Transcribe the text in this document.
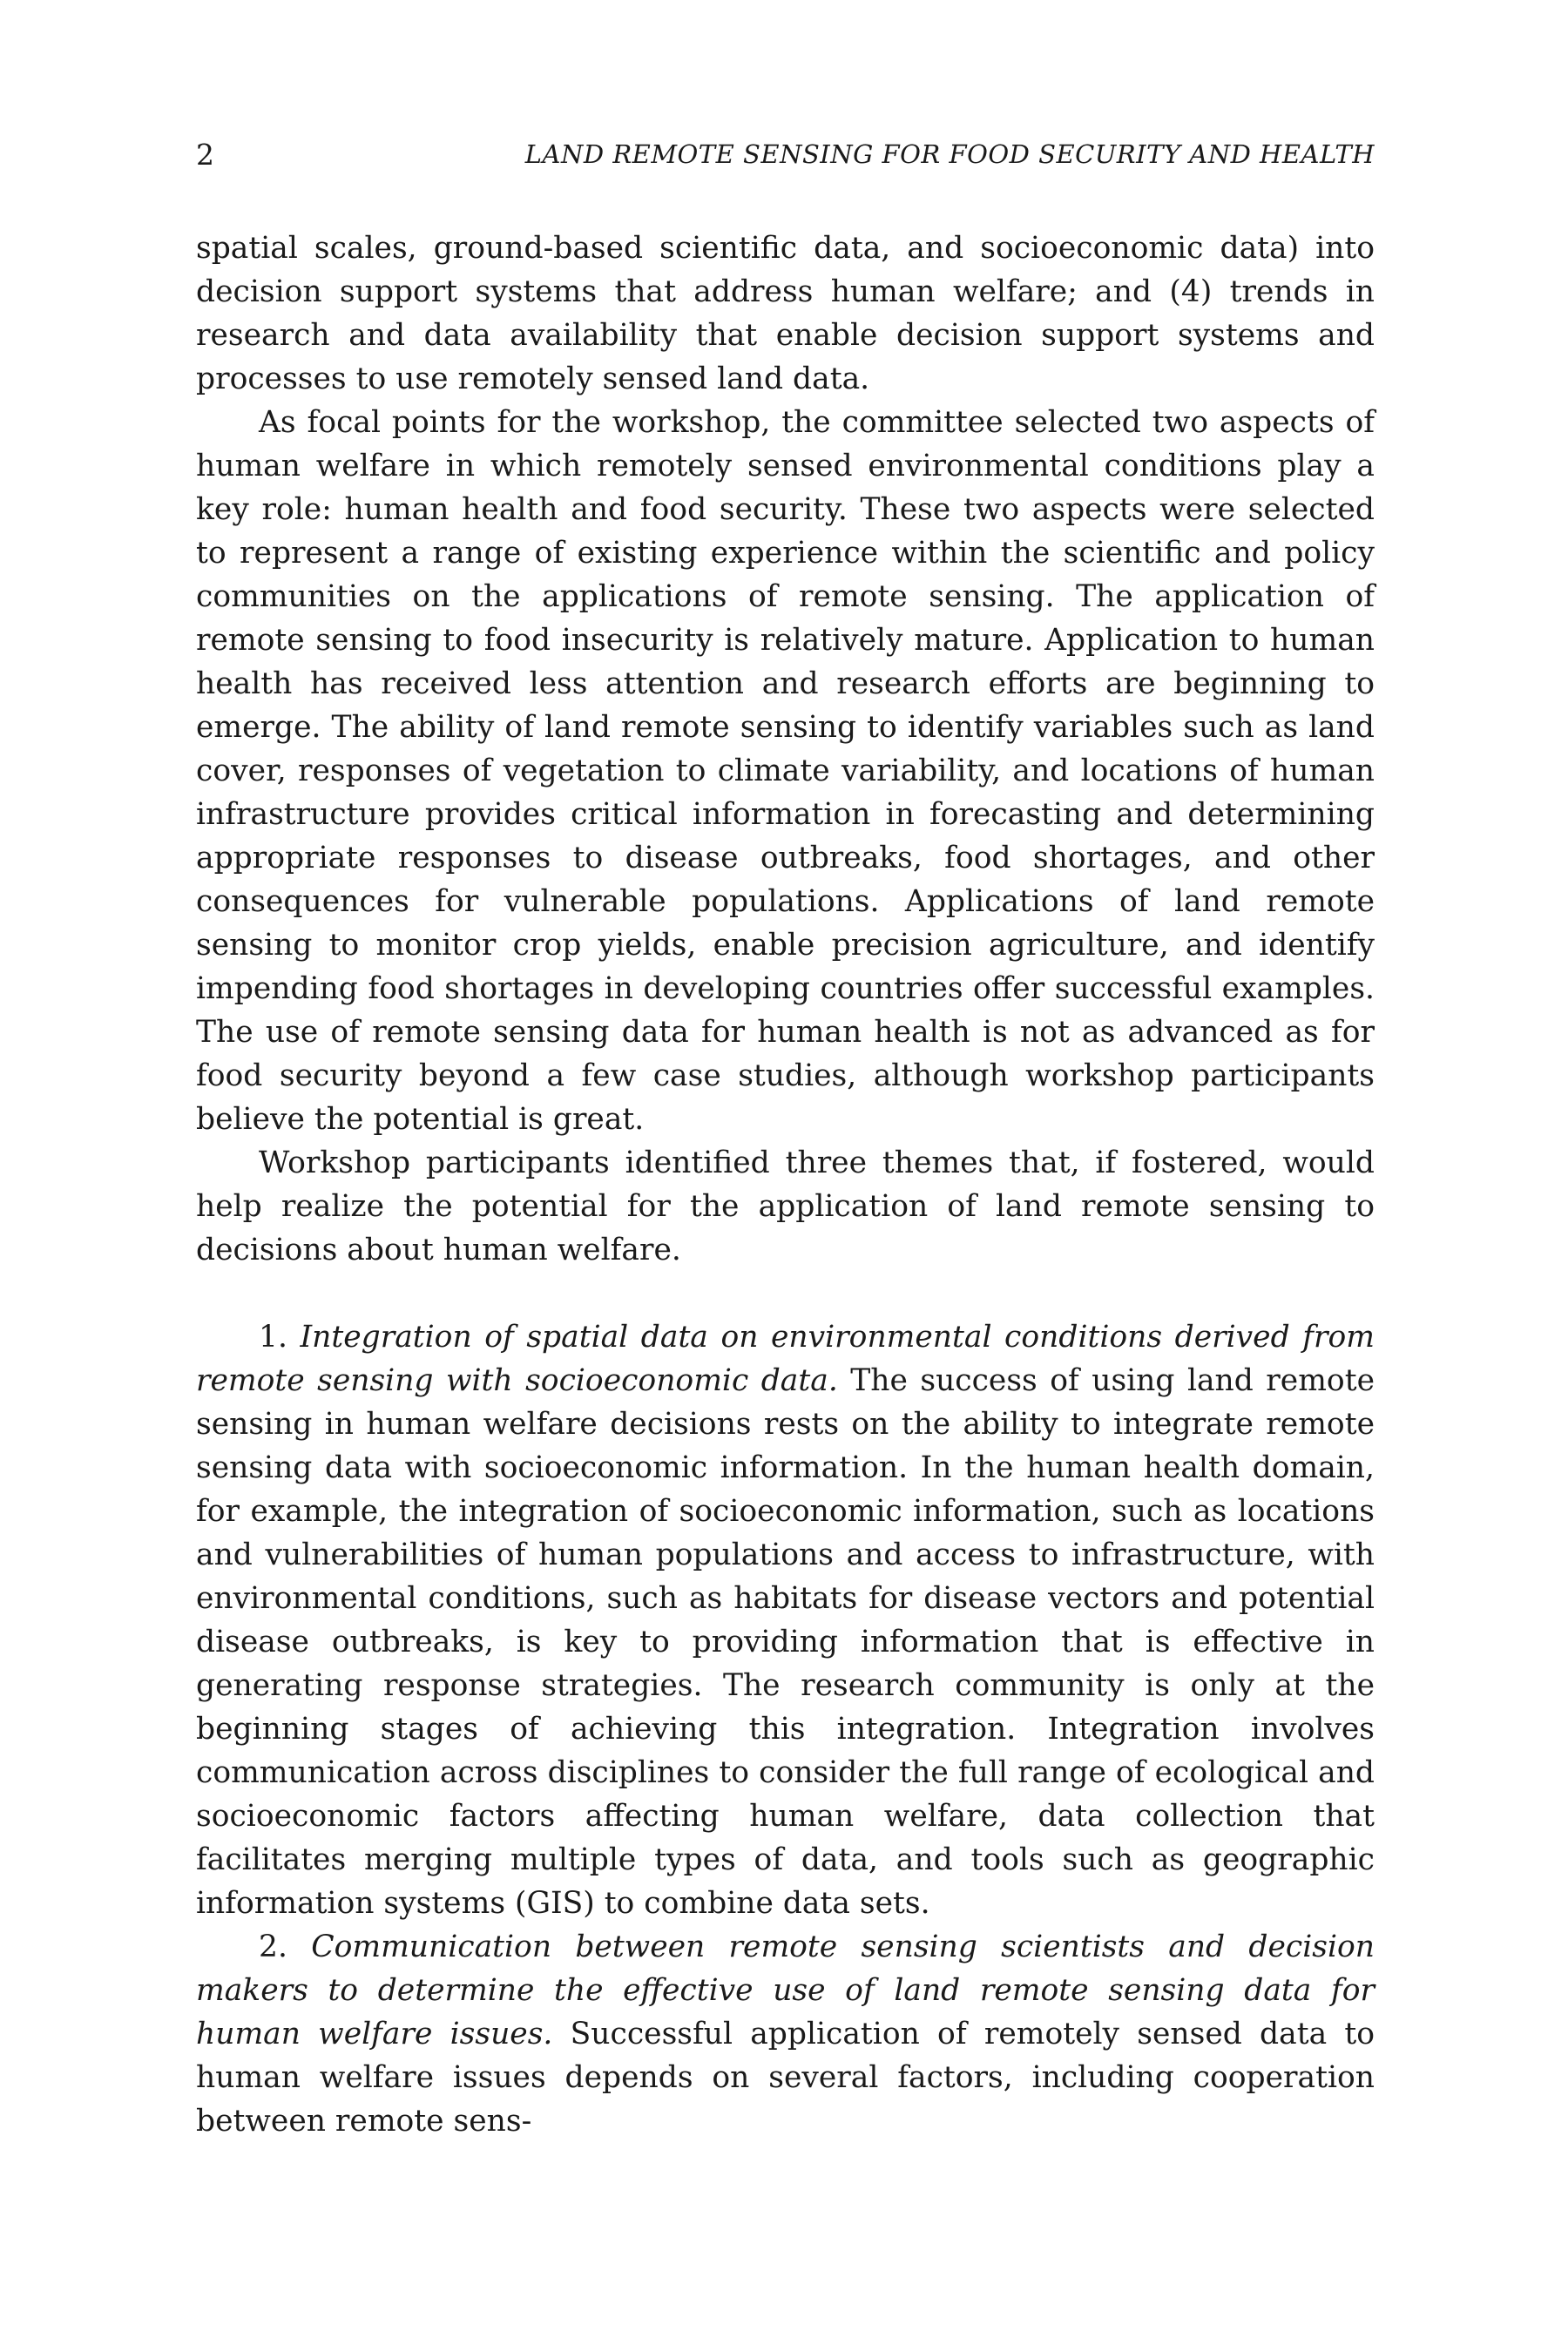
2	LAND REMOTE SENSING FOR FOOD SECURITY AND HEALTH

spatial scales, ground-based scientific data, and socioeconomic data) into decision support systems that address human welfare; and (4) trends in research and data availability that enable decision support systems and processes to use remotely sensed land data.

As focal points for the workshop, the committee selected two aspects of human welfare in which remotely sensed environmental conditions play a key role: human health and food security. These two aspects were selected to represent a range of existing experience within the scientific and policy communities on the applications of remote sensing. The application of remote sensing to food insecurity is relatively mature. Application to human health has received less attention and research efforts are beginning to emerge. The ability of land remote sensing to identify variables such as land cover, responses of vegetation to climate variability, and locations of human infrastructure provides critical information in forecasting and determining appropriate responses to disease outbreaks, food shortages, and other consequences for vulnerable populations. Applications of land remote sensing to monitor crop yields, enable precision agriculture, and identify impending food shortages in developing countries offer successful examples. The use of remote sensing data for human health is not as advanced as for food security beyond a few case studies, although workshop participants believe the potential is great.

Workshop participants identified three themes that, if fostered, would help realize the potential for the application of land remote sensing to decisions about human welfare.

1. Integration of spatial data on environmental conditions derived from remote sensing with socioeconomic data. The success of using land remote sensing in human welfare decisions rests on the ability to integrate remote sensing data with socioeconomic information. In the human health domain, for example, the integration of socioeconomic information, such as locations and vulnerabilities of human populations and access to infrastructure, with environmental conditions, such as habitats for disease vectors and potential disease outbreaks, is key to providing information that is effective in generating response strategies. The research community is only at the beginning stages of achieving this integration. Integration involves communication across disciplines to consider the full range of ecological and socioeconomic factors affecting human welfare, data collection that facilitates merging multiple types of data, and tools such as geographic information systems (GIS) to combine data sets.

2. Communication between remote sensing scientists and decision makers to determine the effective use of land remote sensing data for human welfare issues. Successful application of remotely sensed data to human welfare issues depends on several factors, including cooperation between remote sens-
